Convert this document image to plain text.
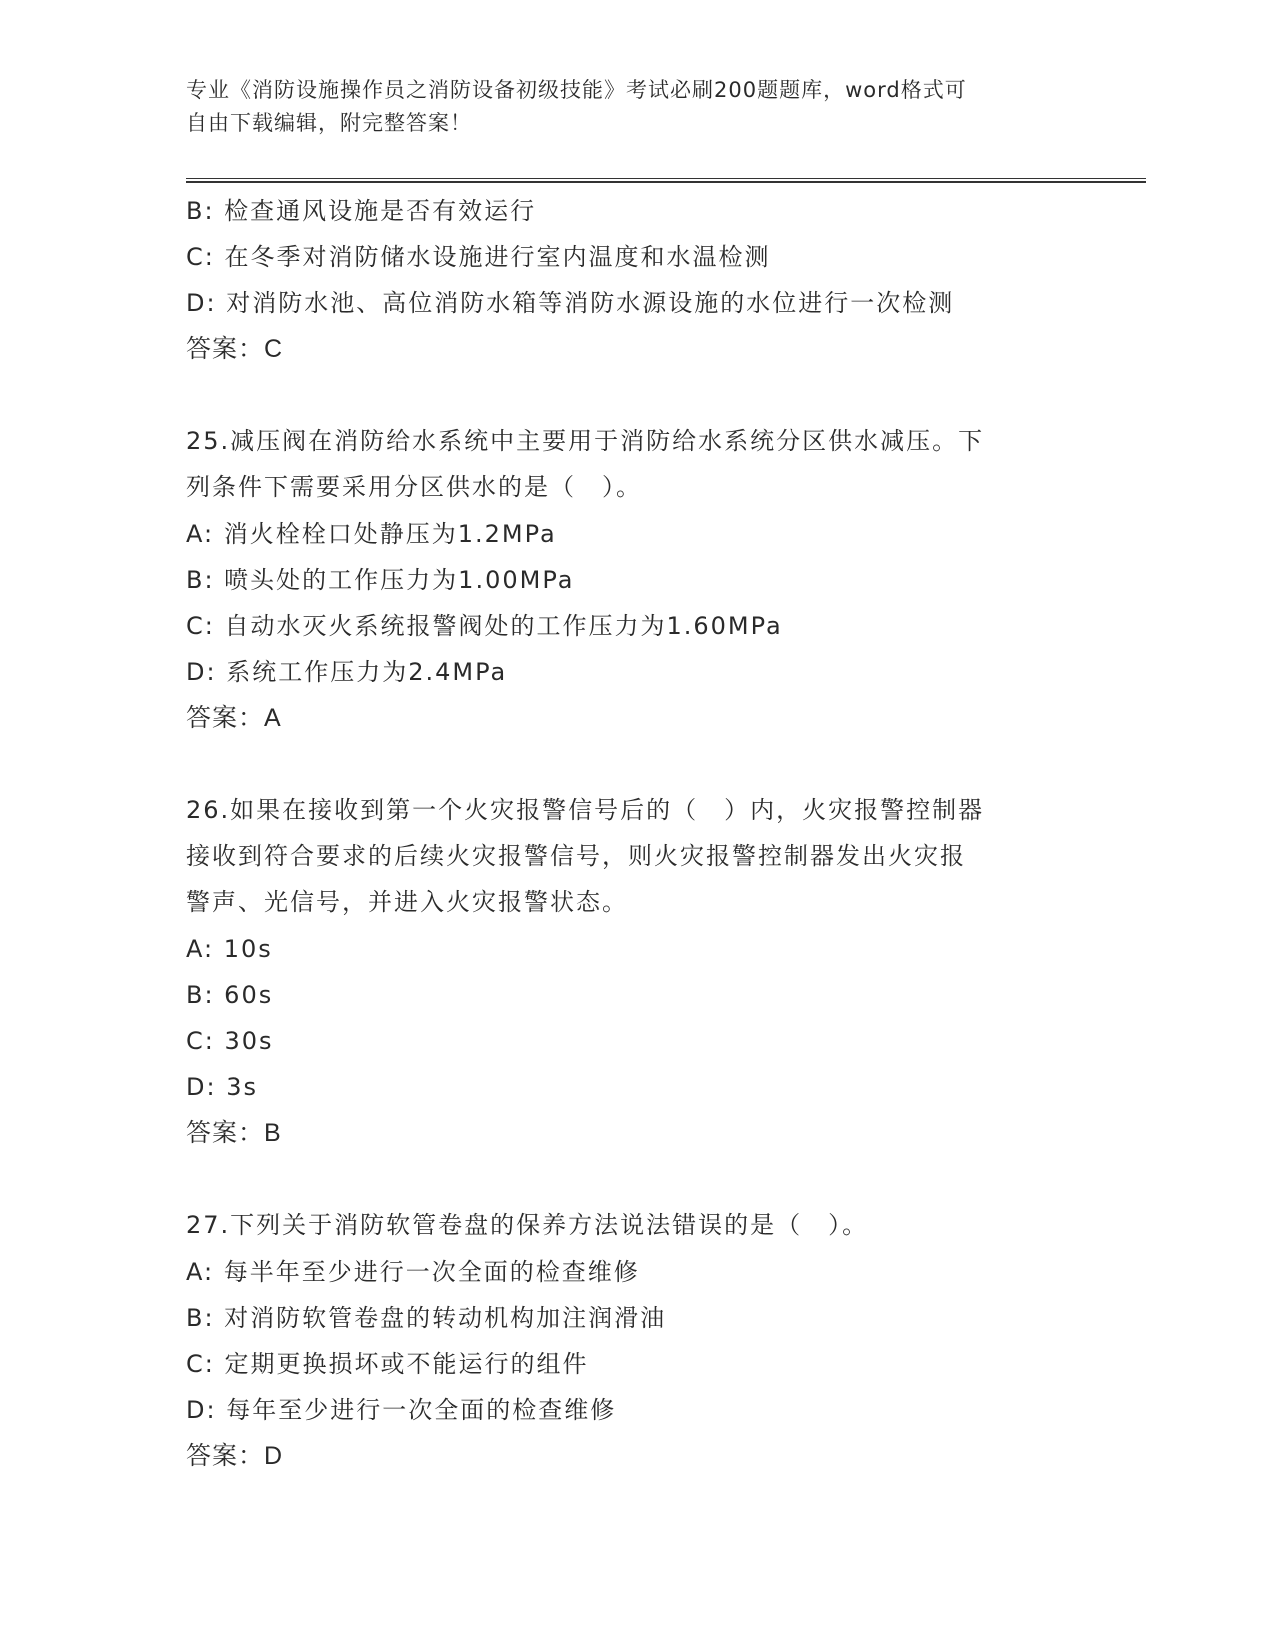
专业《消防设施操作员之消防设备初级技能》考试必刷200题题库，word格式可
自由下载编辑，附完整答案！
B: 检查通风设施是否有效运行
C: 在冬季对消防储水设施进行室内温度和水温检测
D: 对消防水池、高位消防水箱等消防水源设施的水位进行一次检测
答案：C
25.减压阀在消防给水系统中主要用于消防给水系统分区供水减压。下
列条件下需要采用分区供水的是（　）。
A: 消火栓栓口处静压为1.2MPa
B: 喷头处的工作压力为1.00MPa
C: 自动水灭火系统报警阀处的工作压力为1.60MPa
D: 系统工作压力为2.4MPa
答案：A
26.如果在接收到第一个火灾报警信号后的（　）内，火灾报警控制器
接收到符合要求的后续火灾报警信号，则火灾报警控制器发出火灾报
警声、光信号，并进入火灾报警状态。
A: 10s
B: 60s
C: 30s
D: 3s
答案：B
27.下列关于消防软管卷盘的保养方法说法错误的是（　）。
A: 每半年至少进行一次全面的检查维修
B: 对消防软管卷盘的转动机构加注润滑油
C: 定期更换损坏或不能运行的组件
D: 每年至少进行一次全面的检查维修
答案：D
